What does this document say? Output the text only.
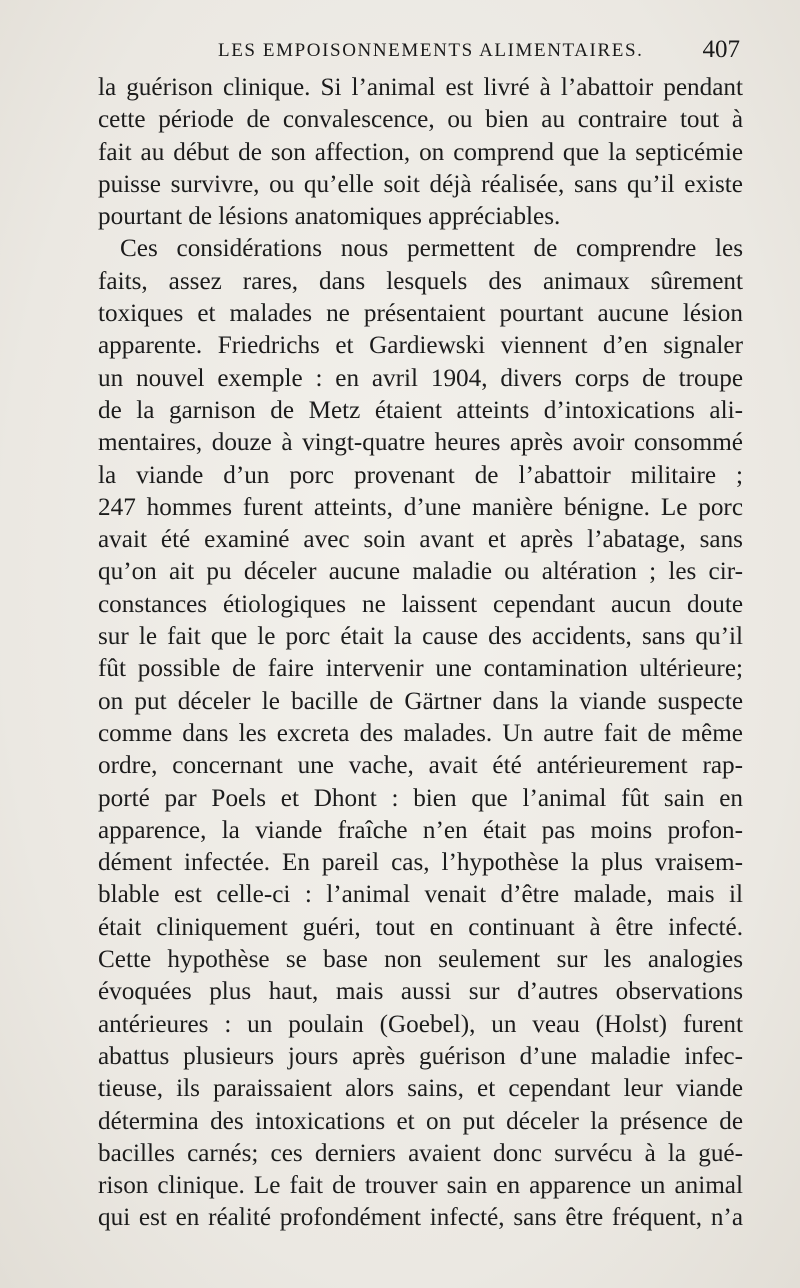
LES EMPOISONNEMENTS ALIMENTAIRES. 407
la guérison clinique. Si l’animal est livré à l’abattoir pendant
cette période de convalescence, ou bien au contraire tout à
fait au début de son affection, on comprend que la septicémie
puisse survivre, ou qu’elle soit déjà réalisée, sans qu’il existe
pourtant de lésions anatomiques appréciables.
Ces considérations nous permettent de comprendre les
faits, assez rares, dans lesquels des animaux sûrement
toxiques et malades ne présentaient pourtant aucune lésion
apparente. Friedrichs et Gardiewski viennent d’en signaler
un nouvel exemple : en avril 1904, divers corps de troupe
de la garnison de Metz étaient atteints d’intoxications ali-
mentaires, douze à vingt-quatre heures après avoir consommé
la viande d’un porc provenant de l’abattoir militaire ;
247 hommes furent atteints, d’une manière bénigne. Le porc
avait été examiné avec soin avant et après l’abatage, sans
qu’on ait pu déceler aucune maladie ou altération ; les cir-
constances étiologiques ne laissent cependant aucun doute
sur le fait que le porc était la cause des accidents, sans qu’il
fût possible de faire intervenir une contamination ultérieure;
on put déceler le bacille de Gärtner dans la viande suspecte
comme dans les excreta des malades. Un autre fait de même
ordre, concernant une vache, avait été antérieurement rap-
porté par Poels et Dhont : bien que l’animal fût sain en
apparence, la viande fraîche n’en était pas moins profon-
dément infectée. En pareil cas, l’hypothèse la plus vraisem-
blable est celle-ci : l’animal venait d’être malade, mais il
était cliniquement guéri, tout en continuant à être infecté.
Cette hypothèse se base non seulement sur les analogies
évoquées plus haut, mais aussi sur d’autres observations
antérieures : un poulain (Goebel), un veau (Holst) furent
abattus plusieurs jours après guérison d’une maladie infec-
tieuse, ils paraissaient alors sains, et cependant leur viande
détermina des intoxications et on put déceler la présence de
bacilles carnés; ces derniers avaient donc survécu à la gué-
rison clinique. Le fait de trouver sain en apparence un animal
qui est en réalité profondément infecté, sans être fréquent, n’a
